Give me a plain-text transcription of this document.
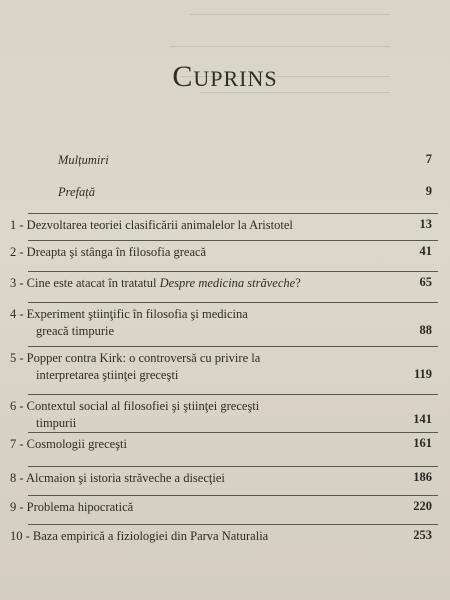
CUPRINS
Mulțumiri	7
Prefață	9
1 - Dezvoltarea teoriei clasificării animalelor la Aristotel	13
2 - Dreapta şi stânga în filosofia greacă	41
3 - Cine este atacat în tratatul Despre medicina străveche?	65
4 - Experiment ştiinţific în filosofia şi medicina
greacă timpurie	88
5 - Popper contra Kirk: o controversă cu privire la
interpretarea ştiinţei greceşti	119
6 - Contextul social al filosofiei şi ştiinţei greceşti
timpurii	141
7 - Cosmologii greceşti	161
8 - Alcmaion şi istoria străveche a disecţiei	186
9 - Problema hipocratică	220
10 - Baza empirică a fiziologiei din Parva Naturalia	253
